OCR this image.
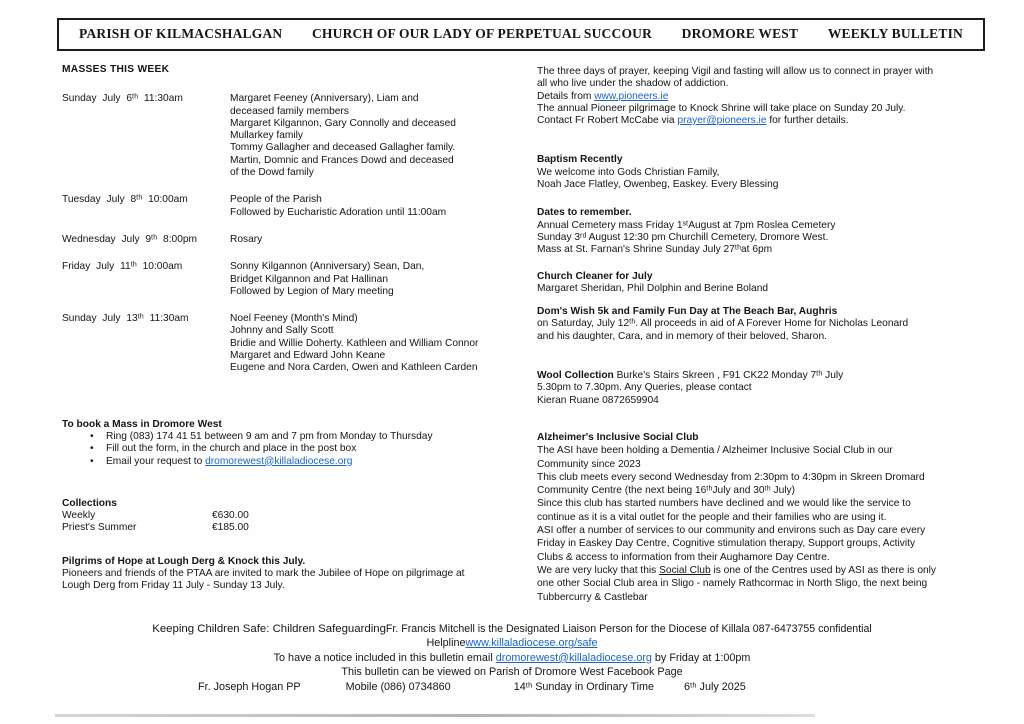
PARISH OF KILMACSHALGAN CHURCH OF OUR LADY OF PERPETUAL SUCCOUR DROMORE WEST WEEKLY BULLETIN
MASSES THIS WEEK
Sunday July 6ᵗʰ 11:30am	Margaret Feeney (Anniversary), Liam and
deceased family members
Margaret Kilgannon, Gary Connolly and deceased
Mullarkey family
Tommy Gallagher and deceased Gallagher family.
Martin, Domnic and Frances Dowd and deceased
of the Dowd family
Tuesday July 8ᵗʰ 10:00am	People of the Parish
Followed by Eucharistic Adoration until 11:00am
Wednesday July 9ᵗʰ 8:00pm	Rosary
Friday July 11ᵗʰ 10:00am	Sonny Kilgannon (Anniversary) Sean, Dan,
Bridget Kilgannon and Pat Hallinan
Followed by Legion of Mary meeting
Sunday July 13ᵗʰ 11:30am	Noel Feeney (Month's Mind)
Johnny and Sally Scott
Bridie and Willie Doherty. Kathleen and William Connor
Margaret and Edward John Keane
Eugene and Nora Carden, Owen and Kathleen Carden
To book a Mass in Dromore West
•	Ring (083) 174 41 51 between 9 am and 7 pm from Monday to Thursday
•	Fill out the form, in the church and place in the post box
•	Email your request to dromorewest@killaladiocese.org
Collections
Weekly	€630.00
Priest's Summer	€185.00
Pilgrims of Hope at Lough Derg & Knock this July.
Pioneers and friends of the PTAA are invited to mark the Jubilee of Hope on pilgrimage at
Lough Derg from Friday 11 July - Sunday 13 July.
The three days of prayer, keeping Vigil and fasting will allow us to connect in prayer with
all who live under the shadow of addiction.
Details from www.pioneers.ie
The annual Pioneer pilgrimage to Knock Shrine will take place on Sunday 20 July.
Contact Fr Robert McCabe via prayer@pioneers.ie for further details.
Baptism Recently
We welcome into Gods Christian Family,
Noah Jace Flatley, Owenbeg, Easkey. Every Blessing
Dates to remember.
Annual Cemetery mass Friday 1ˢᵗAugust at 7pm Roslea Cemetery
Sunday 3ʳᵈ August 12:30 pm Churchill Cemetery, Dromore West.
Mass at St. Farnan's Shrine Sunday July 27ᵗʰat 6pm
Church Cleaner for July
Margaret Sheridan, Phil Dolphin and Berine Boland
Dom's Wish 5k and Family Fun Day at The Beach Bar, Aughris
on Saturday, July 12ᵗʰ. All proceeds in aid of A Forever Home for Nicholas Leonard
and his daughter, Cara, and in memory of their beloved, Sharon.
Wool Collection Burke's Stairs Skreen , F91 CK22 Monday 7ᵗʰ July
5.30pm to 7.30pm. Any Queries, please contact
Kieran Ruane 0872659904
Alzheimer's Inclusive Social Club
The ASI have been holding a Dementia / Alzheimer Inclusive Social Club in our
Community since 2023
This club meets every second Wednesday from 2:30pm to 4:30pm in Skreen Dromard
Community Centre (the next being 16ᵗʰJuly and 30ᵗʰ July)
Since this club has started numbers have declined and we would like the service to
continue as it is a vital outlet for the people and their families who are using it.
ASI offer a number of services to our community and environs such as Day care every
Friday in Easkey Day Centre, Cognitive stimulation therapy, Support groups, Activity
Clubs & access to information from their Aughamore Day Centre.
We are very lucky that this Social Club is one of the Centres used by ASI as there is only
one other Social Club area in Sligo - namely Rathcormac in North Sligo, the next being
Tubbercurry & Castlebar
Keeping Children Safe: Children SafeguardingFr. Francis Mitchell is the Designated Liaison Person for the Diocese of Killala 087-6473755 confidential
Helplinewww.killaladiocese.org/safe
To have a notice included in this bulletin email dromorewest@killaladiocese.org by Friday at 1:00pm
This bulletin can be viewed on Parish of Dromore West Facebook Page
Fr. Joseph Hogan PP	Mobile (086) 0734860	14ᵗʰ Sunday in Ordinary Time	6ᵗʰ July 2025
